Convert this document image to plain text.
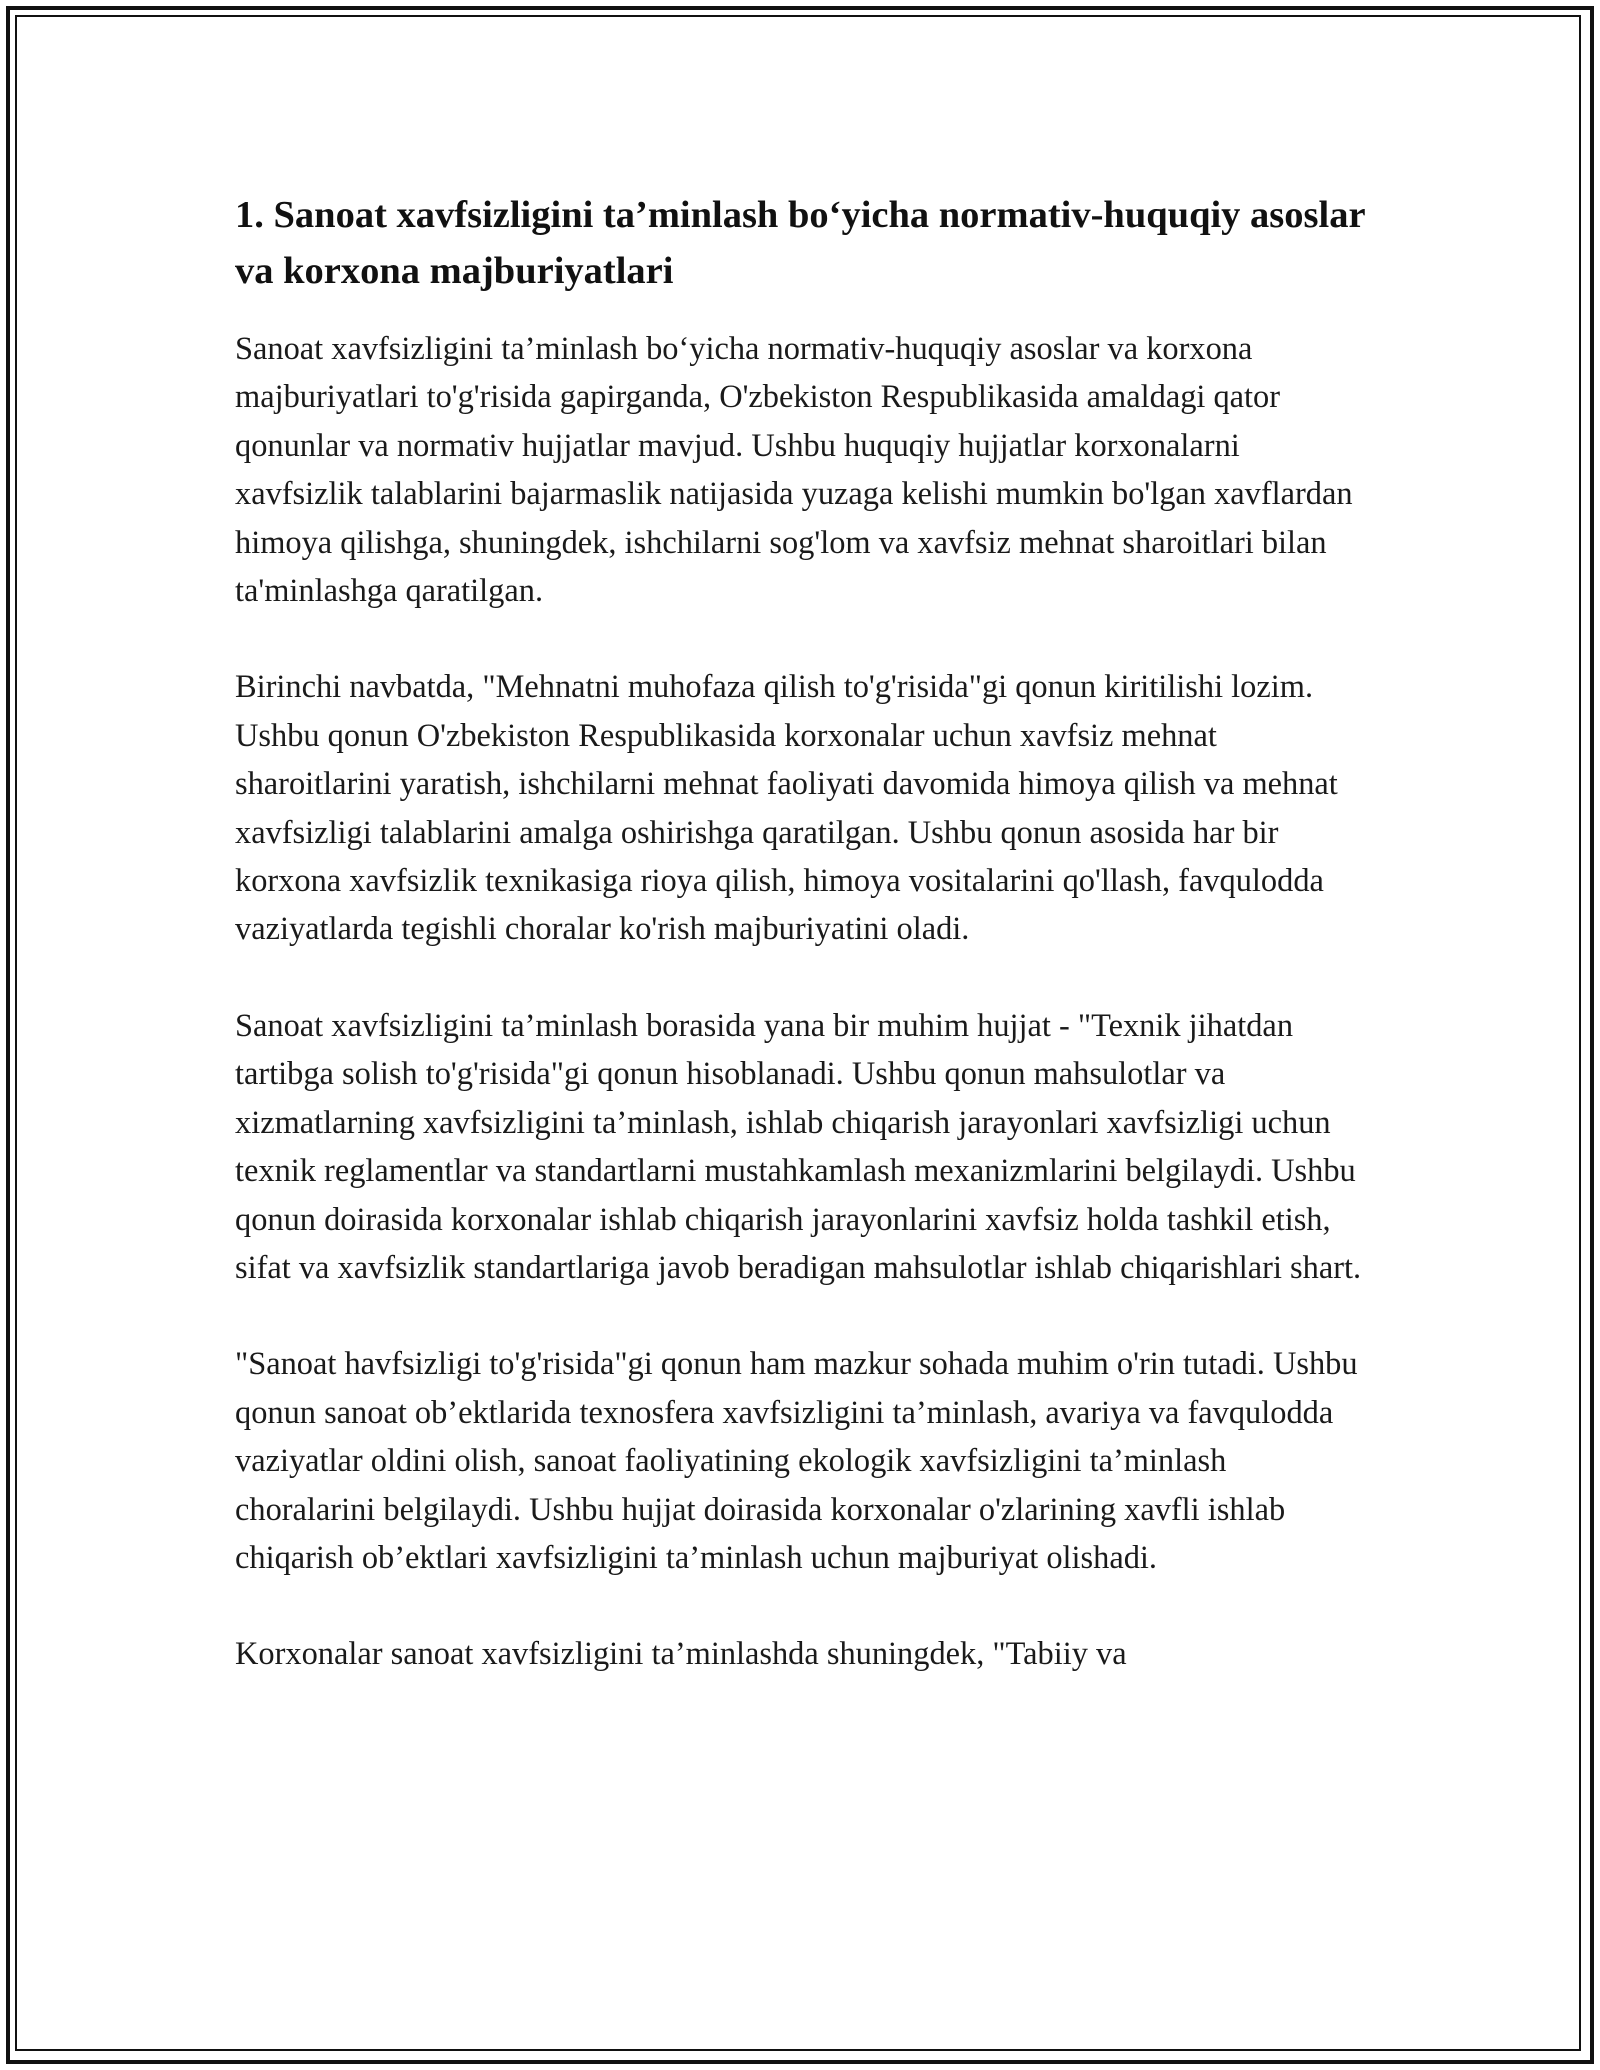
1. Sanoat xavfsizligini ta’minlash bo‘yicha normativ-huquqiy asoslar va korxona majburiyatlari

Sanoat xavfsizligini ta’minlash bo‘yicha normativ-huquqiy asoslar va korxona majburiyatlari to'g'risida gapirganda, O'zbekiston Respublikasida amaldagi qator qonunlar va normativ hujjatlar mavjud. Ushbu huquqiy hujjatlar korxonalarni xavfsizlik talablarini bajarmaslik natijasida yuzaga kelishi mumkin bo'lgan xavflardan himoya qilishga, shuningdek, ishchilarni sog'lom va xavfsiz mehnat sharoitlari bilan ta'minlashga qaratilgan.

Birinchi navbatda, "Mehnatni muhofaza qilish to'g'risida"gi qonun kiritilishi lozim. Ushbu qonun O'zbekiston Respublikasida korxonalar uchun xavfsiz mehnat sharoitlarini yaratish, ishchilarni mehnat faoliyati davomida himoya qilish va mehnat xavfsizligi talablarini amalga oshirishga qaratilgan. Ushbu qonun asosida har bir korxona xavfsizlik texnikasiga rioya qilish, himoya vositalarini qo'llash, favqulodda vaziyatlarda tegishli choralar ko'rish majburiyatini oladi.

Sanoat xavfsizligini ta’minlash borasida yana bir muhim hujjat - "Texnik jihatdan tartibga solish to'g'risida"gi qonun hisoblanadi. Ushbu qonun mahsulotlar va xizmatlarning xavfsizligini ta’minlash, ishlab chiqarish jarayonlari xavfsizligi uchun texnik reglamentlar va standartlarni mustahkamlash mexanizmlarini belgilaydi. Ushbu qonun doirasida korxonalar ishlab chiqarish jarayonlarini xavfsiz holda tashkil etish, sifat va xavfsizlik standartlariga javob beradigan mahsulotlar ishlab chiqarishlari shart.

"Sanoat havfsizligi to'g'risida"gi qonun ham mazkur sohada muhim o'rin tutadi. Ushbu qonun sanoat ob’ektlarida texnosfera xavfsizligini ta’minlash, avariya va favqulodda vaziyatlar oldini olish, sanoat faoliyatining ekologik xavfsizligini ta’minlash choralarini belgilaydi. Ushbu hujjat doirasida korxonalar o'zlarining xavfli ishlab chiqarish ob’ektlari xavfsizligini ta’minlash uchun majburiyat olishadi.

Korxonalar sanoat xavfsizligini ta’minlashda shuningdek, "Tabiiy va
